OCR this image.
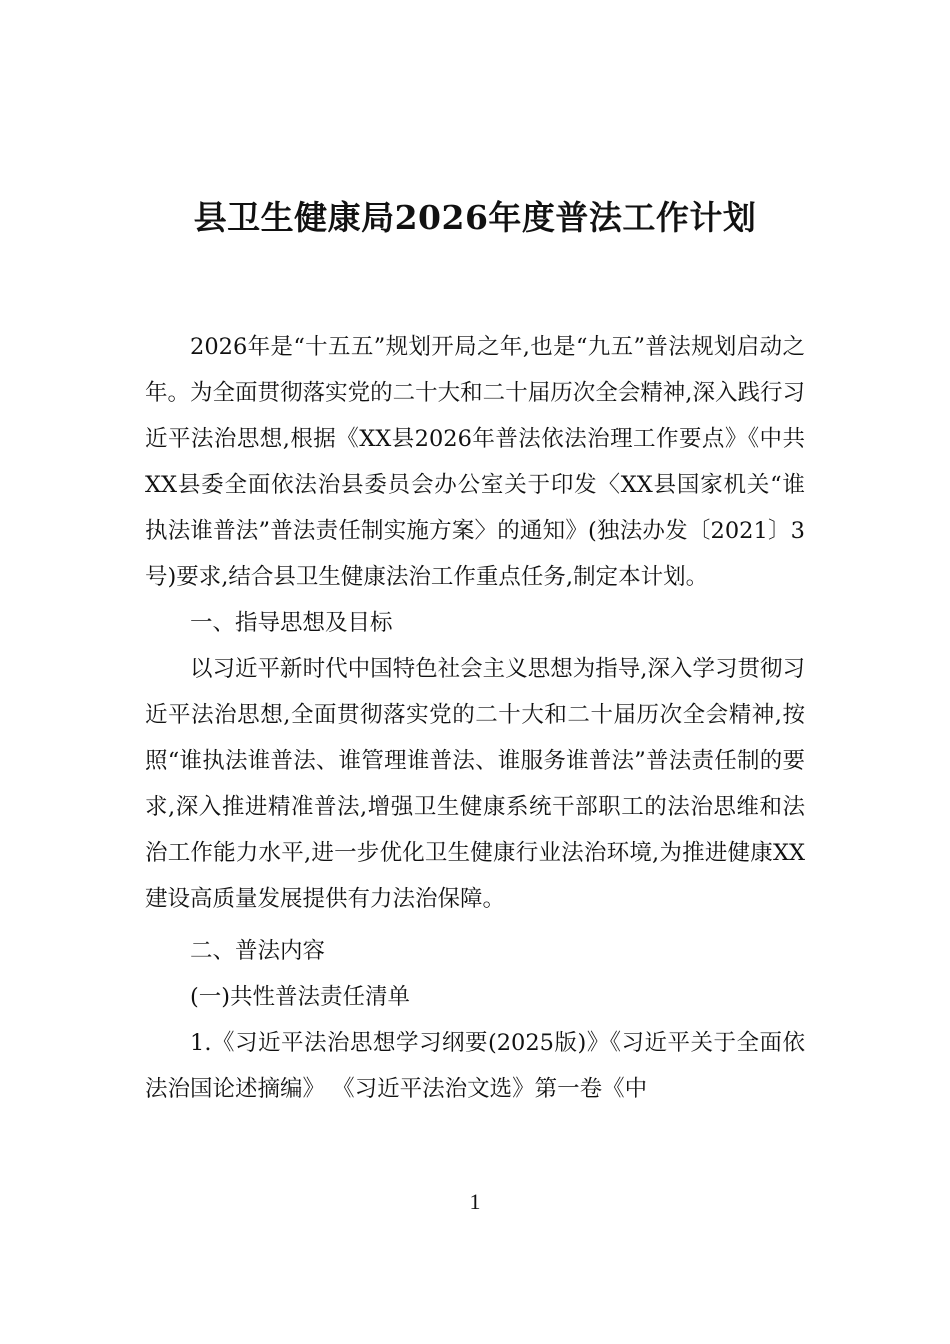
县卫生健康局2026年度普法工作计划

2026年是“十五五”规划开局之年,也是“九五”普法规划启动之年。为全面贯彻落实党的二十大和二十届历次全会精神,深入践行习近平法治思想,根据《XX县2026年普法依法治理工作要点》《中共XX县委全面依法治县委员会办公室关于印发〈XX县国家机关“谁执法谁普法”普法责任制实施方案〉的通知》(独法办发〔2021〕3号)要求,结合县卫生健康法治工作重点任务,制定本计划。

一、指导思想及目标

以习近平新时代中国特色社会主义思想为指导,深入学习贯彻习近平法治思想,全面贯彻落实党的二十大和二十届历次全会精神,按照“谁执法谁普法、谁管理谁普法、谁服务谁普法”普法责任制的要求,深入推进精准普法,增强卫生健康系统干部职工的法治思维和法治工作能力水平,进一步优化卫生健康行业法治环境,为推进健康XX建设高质量发展提供有力法治保障。

二、普法内容

(一)共性普法责任清单

1.《习近平法治思想学习纲要(2025版)》《习近平关于全面依法治国论述摘编》 《习近平法治文选》第一卷《中

1
